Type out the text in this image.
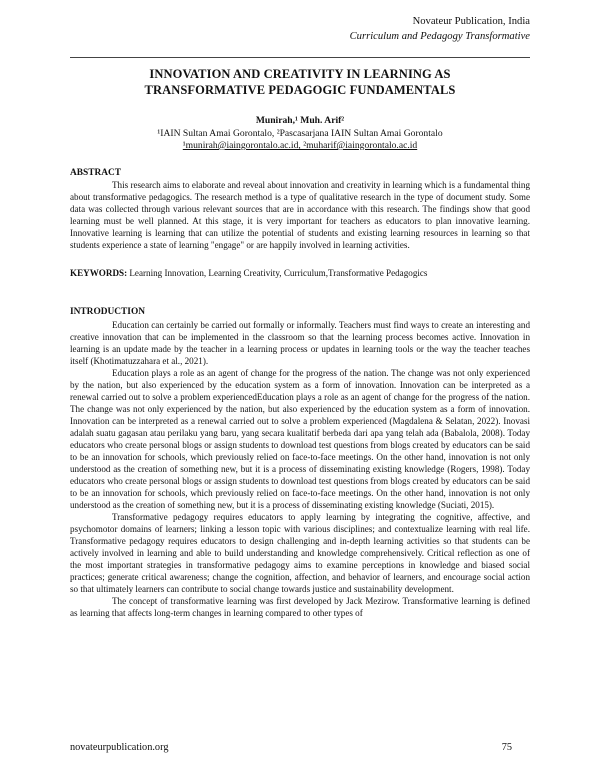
Novateur Publication, India
Curriculum and Pedagogy Transformative
INNOVATION AND CREATIVITY IN LEARNING AS
TRANSFORMATIVE PEDAGOGIC FUNDAMENTALS
Munirah,¹ Muh. Arif²
¹IAIN Sultan Amai Gorontalo, ²Pascasarjana IAIN Sultan Amai Gorontalo
¹munirah@iaingorontalo.ac.id, ²muharif@iaingorontalo.ac.id
ABSTRACT

This research aims to elaborate and reveal about innovation and creativity in learning which is a fundamental thing about transformative pedagogics. The research method is a type of qualitative research in the type of document study. Some data was collected through various relevant sources that are in accordance with this research. The findings show that good learning must be well planned. At this stage, it is very important for teachers as educators to plan innovative learning. Innovative learning is learning that can utilize the potential of students and existing learning resources in learning so that students experience a state of learning "engage" or are happily involved in learning activities.

KEYWORDS: Learning Innovation, Learning Creativity, Curriculum,Transformative Pedagogics

INTRODUCTION

Education can certainly be carried out formally or informally. Teachers must find ways to create an interesting and creative innovation that can be implemented in the classroom so that the learning process becomes active. Innovation in learning is an update made by the teacher in a learning process or updates in learning tools or the way the teacher teaches itself (Khotimatuzzahara et al., 2021).

Education plays a role as an agent of change for the progress of the nation. The change was not only experienced by the nation, but also experienced by the education system as a form of innovation. Innovation can be interpreted as a renewal carried out to solve a problem experiencedEducation plays a role as an agent of change for the progress of the nation. The change was not only experienced by the nation, but also experienced by the education system as a form of innovation. Innovation can be interpreted as a renewal carried out to solve a problem experienced (Magdalena & Selatan, 2022). Inovasi adalah suatu gagasan atau perilaku yang baru, yang secara kualitatif berbeda dari apa yang telah ada (Babalola, 2008). Today educators who create personal blogs or assign students to download test questions from blogs created by educators can be said to be an innovation for schools, which previously relied on face-to-face meetings. On the other hand, innovation is not only understood as the creation of something new, but it is a process of disseminating existing knowledge (Rogers, 1998). Today educators who create personal blogs or assign students to download test questions from blogs created by educators can be said to be an innovation for schools, which previously relied on face-to-face meetings. On the other hand, innovation is not only understood as the creation of something new, but it is a process of disseminating existing knowledge (Suciati, 2015).

Transformative pedagogy requires educators to apply learning by integrating the cognitive, affective, and psychomotor domains of learners; linking a lesson topic with various disciplines; and contextualize learning with real life. Transformative pedagogy requires educators to design challenging and in-depth learning activities so that students can be actively involved in learning and able to build understanding and knowledge comprehensively. Critical reflection as one of the most important strategies in transformative pedagogy aims to examine perceptions in knowledge and biased social practices; generate critical awareness; change the cognition, affection, and behavior of learners, and encourage social action so that ultimately learners can contribute to social change towards justice and sustainability development.

The concept of transformative learning was first developed by Jack Mezirow. Transformative learning is defined as learning that affects long-term changes in learning compared to other types of

novateurpublication.org	75
